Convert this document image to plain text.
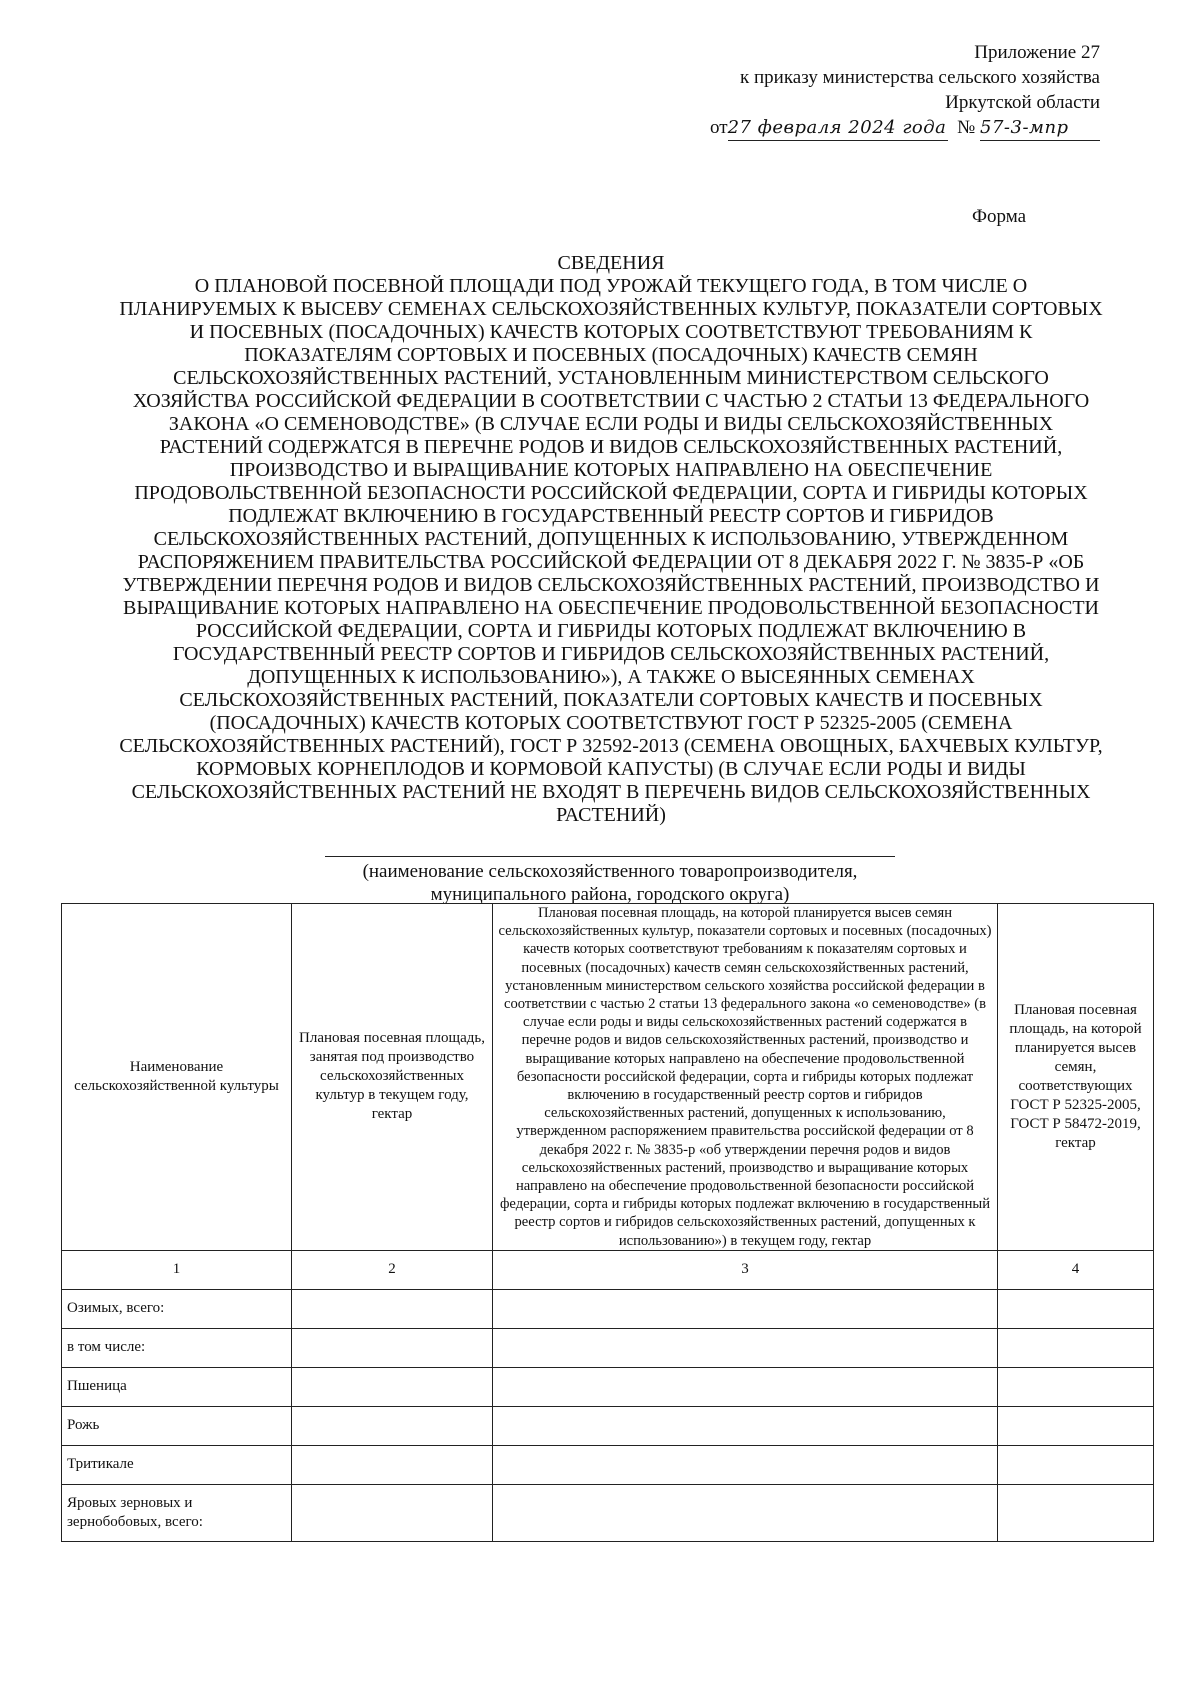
Приложение 27
к приказу министерства сельского хозяйства
Иркутской области
от27 февраля 2024 года № 57-3-мпр
Форма
СВЕДЕНИЯ
О ПЛАНОВОЙ ПОСЕВНОЙ ПЛОЩАДИ ПОД УРОЖАЙ ТЕКУЩЕГО ГОДА, В ТОМ ЧИСЛЕ О ПЛАНИРУЕМЫХ К ВЫСЕВУ СЕМЕНАХ СЕЛЬСКОХОЗЯЙСТВЕННЫХ КУЛЬТУР, ПОКАЗАТЕЛИ СОРТОВЫХ И ПОСЕВНЫХ (ПОСАДОЧНЫХ) КАЧЕСТВ КОТОРЫХ СООТВЕТСТВУЮТ ТРЕБОВАНИЯМ К ПОКАЗАТЕЛЯМ СОРТОВЫХ И ПОСЕВНЫХ (ПОСАДОЧНЫХ) КАЧЕСТВ СЕМЯН СЕЛЬСКОХОЗЯЙСТВЕННЫХ РАСТЕНИЙ, УСТАНОВЛЕННЫМ МИНИСТЕРСТВОМ СЕЛЬСКОГО ХОЗЯЙСТВА РОССИЙСКОЙ ФЕДЕРАЦИИ В СООТВЕТСТВИИ С ЧАСТЬЮ 2 СТАТЬИ 13 ФЕДЕРАЛЬНОГО ЗАКОНА «О СЕМЕНОВОДСТВЕ» (В СЛУЧАЕ ЕСЛИ РОДЫ И ВИДЫ СЕЛЬСКОХОЗЯЙСТВЕННЫХ РАСТЕНИЙ СОДЕРЖАТСЯ В ПЕРЕЧНЕ РОДОВ И ВИДОВ СЕЛЬСКОХОЗЯЙСТВЕННЫХ РАСТЕНИЙ, ПРОИЗВОДСТВО И ВЫРАЩИВАНИЕ КОТОРЫХ НАПРАВЛЕНО НА ОБЕСПЕЧЕНИЕ ПРОДОВОЛЬСТВЕННОЙ БЕЗОПАСНОСТИ РОССИЙСКОЙ ФЕДЕРАЦИИ, СОРТА И ГИБРИДЫ КОТОРЫХ ПОДЛЕЖАТ ВКЛЮЧЕНИЮ В ГОСУДАРСТВЕННЫЙ РЕЕСТР СОРТОВ И ГИБРИДОВ СЕЛЬСКОХОЗЯЙСТВЕННЫХ РАСТЕНИЙ, ДОПУЩЕННЫХ К ИСПОЛЬЗОВАНИЮ, УТВЕРЖДЕННОМ РАСПОРЯЖЕНИЕМ ПРАВИТЕЛЬСТВА РОССИЙСКОЙ ФЕДЕРАЦИИ ОТ 8 ДЕКАБРЯ 2022 Г. № 3835-Р «ОБ УТВЕРЖДЕНИИ ПЕРЕЧНЯ РОДОВ И ВИДОВ СЕЛЬСКОХОЗЯЙСТВЕННЫХ РАСТЕНИЙ, ПРОИЗВОДСТВО И ВЫРАЩИВАНИЕ КОТОРЫХ НАПРАВЛЕНО НА ОБЕСПЕЧЕНИЕ ПРОДОВОЛЬСТВЕННОЙ БЕЗОПАСНОСТИ РОССИЙСКОЙ ФЕДЕРАЦИИ, СОРТА И ГИБРИДЫ КОТОРЫХ ПОДЛЕЖАТ ВКЛЮЧЕНИЮ В ГОСУДАРСТВЕННЫЙ РЕЕСТР СОРТОВ И ГИБРИДОВ СЕЛЬСКОХОЗЯЙСТВЕННЫХ РАСТЕНИЙ, ДОПУЩЕННЫХ К ИСПОЛЬЗОВАНИЮ»), А ТАКЖЕ О ВЫСЕЯННЫХ СЕМЕНАХ СЕЛЬСКОХОЗЯЙСТВЕННЫХ РАСТЕНИЙ, ПОКАЗАТЕЛИ СОРТОВЫХ КАЧЕСТВ И ПОСЕВНЫХ (ПОСАДОЧНЫХ) КАЧЕСТВ КОТОРЫХ СООТВЕТСТВУЮТ ГОСТ Р 52325-2005 (СЕМЕНА СЕЛЬСКОХОЗЯЙСТВЕННЫХ РАСТЕНИЙ), ГОСТ Р 32592-2013 (СЕМЕНА ОВОЩНЫХ, БАХЧЕВЫХ КУЛЬТУР, КОРМОВЫХ КОРНЕПЛОДОВ И КОРМОВОЙ КАПУСТЫ) (В СЛУЧАЕ ЕСЛИ РОДЫ И ВИДЫ СЕЛЬСКОХОЗЯЙСТВЕННЫХ РАСТЕНИЙ НЕ ВХОДЯТ В ПЕРЕЧЕНЬ ВИДОВ СЕЛЬСКОХОЗЯЙСТВЕННЫХ РАСТЕНИЙ)
(наименование сельскохозяйственного товаропроизводителя, муниципального района, городского округа)
Наименование сельскохозяйственной культуры	Плановая посевная площадь, занятая под производство сельскохозяйственных культур в текущем году, гектар	Плановая посевная площадь, на которой планируется высев семян сельскохозяйственных культур, показатели сортовых и посевных (посадочных) качеств которых соответствуют требованиям к показателям сортовых и посевных (посадочных) качеств семян сельскохозяйственных растений, установленным министерством сельского хозяйства российской федерации в соответствии с частью 2 статьи 13 федерального закона «о семеноводстве» (в случае если роды и виды сельскохозяйственных растений содержатся в перечне родов и видов сельскохозяйственных растений, производство и выращивание которых направлено на обеспечение продовольственной безопасности российской федерации, сорта и гибриды которых подлежат включению в государственный реестр сортов и гибридов сельскохозяйственных растений, допущенных к использованию, утвержденном распоряжением правительства российской федерации от 8 декабря 2022 г. № 3835-р «об утверждении перечня родов и видов сельскохозяйственных растений, производство и выращивание которых направлено на обеспечение продовольственной безопасности российской федерации, сорта и гибриды которых подлежат включению в государственный реестр сортов и гибридов сельскохозяйственных растений, допущенных к использованию») в текущем году, гектар	Плановая посевная площадь, на которой планируется высев семян, соответствующих ГОСТ Р 52325-2005, ГОСТ Р 58472-2019, гектар
1	2	3	4
Озимых, всего:			
в том числе:			
Пшеница			
Рожь			
Тритикале			
Яровых зерновых и зернобобовых, всего:			
